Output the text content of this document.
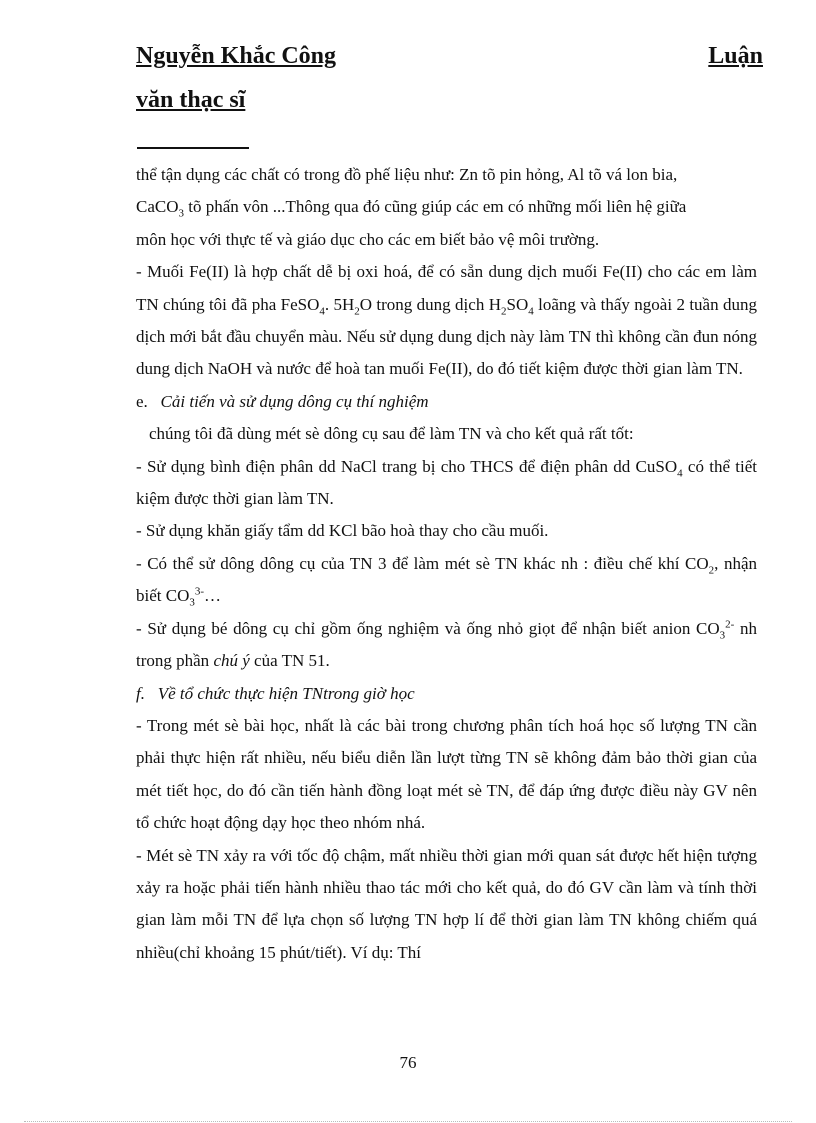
Nguyễn Khắc Công	Luận
văn thạc sĩ

thể tận dụng các chất có trong đồ phế liệu như: Zn tõ pin hỏng, Al tõ vá lon bia,
CaCO$_3$ tõ phấn vôn ...Thông qua đó cũng giúp các em có những mối liên hệ giữa
môn học với thực tế và giáo dục cho các em biết bảo vệ môi trường.

- Muối Fe(II) là hợp chất dễ bị oxi hoá, để có sẵn dung dịch muối Fe(II) cho các em làm TN chúng tôi đã pha FeSO$_4$. $5H_2O$ trong dung dịch $H_2SO_4$ loãng và thấy ngoài 2 tuần dung dịch mới bắt đầu chuyển màu. Nếu sử dụng dung dịch này làm TN thì không cần đun nóng dung dịch NaOH và nước để hoà tan muối Fe(II), do đó tiết kiệm được thời gian làm TN.

e. Cải tiến và sử dụng dông cụ thí nghiệm

chúng tôi đã dùng mét sè dông cụ sau để làm TN và cho kết quả rất tốt:

- Sử dụng bình điện phân dd NaCl trang bị cho THCS để điện phân dd CuSO$_4$ có thể tiết kiệm được thời gian làm TN.

- Sử dụng khăn giấy tẩm dd KCl bão hoà thay cho cầu muối.

- Có thể sử dông dông cụ của TN 3 để làm mét sè TN khác nh : điều chế khí $CO_2$, nhận biết $CO_3^{3-}\dots$

- Sử dụng bé dông cụ chỉ gồm ống nghiệm và ống nhỏ giọt để nhận biết anion $CO_3^{2-}$ nh trong phần chú ý của TN 51.

f. Về tổ chức thực hiện TNtrong giờ học

- Trong mét sè bài học, nhất là các bài trong chương phân tích hoá học số lượng TN cần phải thực hiện rất nhiều, nếu biểu diễn lần lượt từng TN sẽ không đảm bảo thời gian của mét tiết học, do đó cần tiến hành đồng loạt mét sè TN, để đáp ứng được điều này GV nên tổ chức hoạt động dạy học theo nhóm nhá.

- Mét sè TN xảy ra với tốc độ chậm, mất nhiều thời gian mới quan sát được hết hiện tượng xảy ra hoặc phải tiến hành nhiều thao tác mới cho kết quả, do đó GV cần làm và tính thời gian làm mỗi TN để lựa chọn số lượng TN hợp lí để thời gian làm TN không chiếm quá nhiều(chỉ khoảng 15 phút/tiết). Ví dụ: Thí

76
